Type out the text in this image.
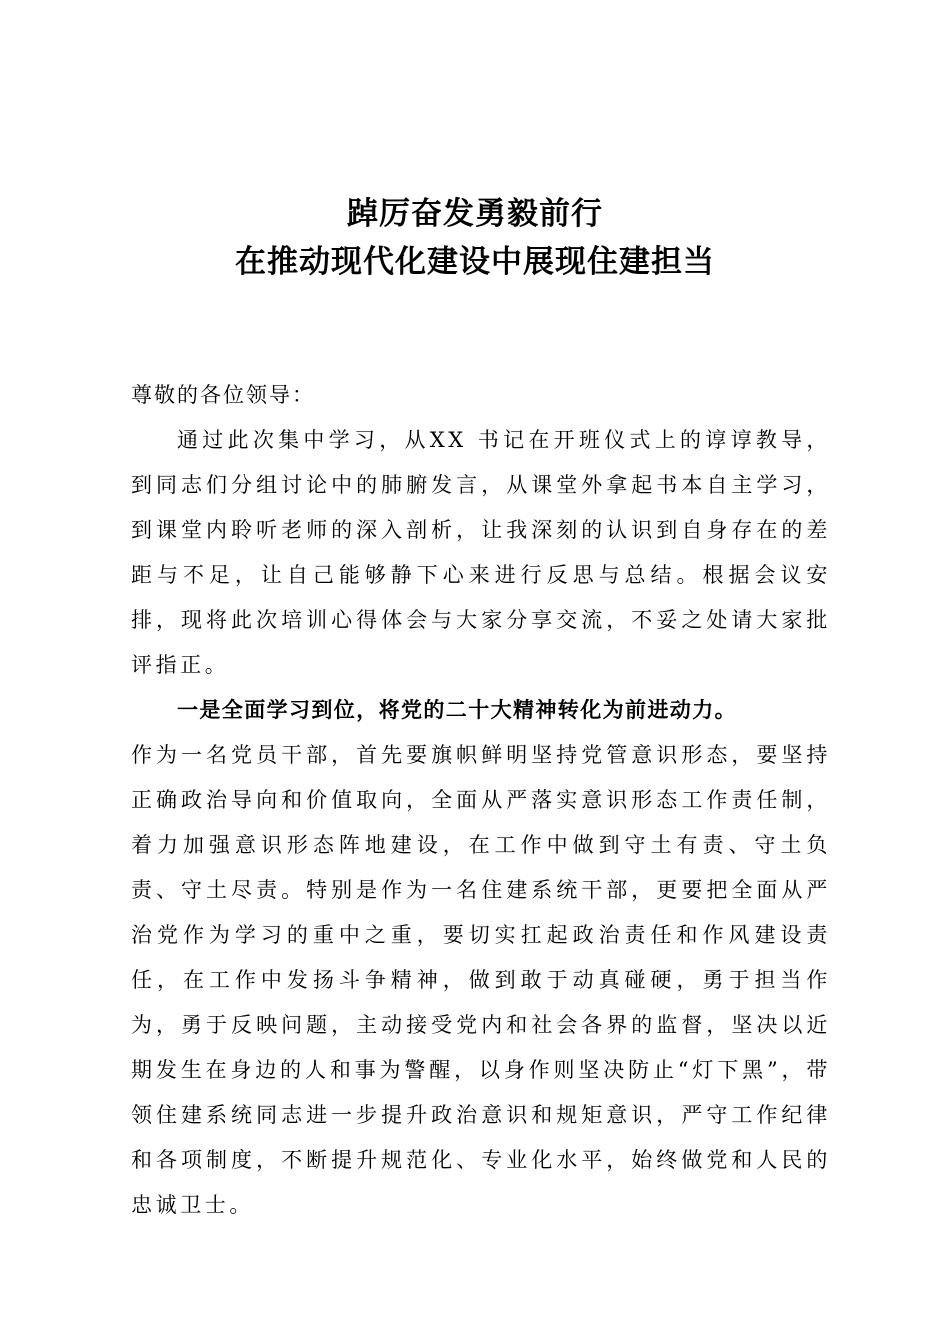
踔厉奋发勇毅前行
在推动现代化建设中展现住建担当

尊敬的各位领导：

通过此次集中学习，从XX 书记在开班仪式上的谆谆教导，到同志们分组讨论中的肺腑发言，从课堂外拿起书本自主学习，到课堂内聆听老师的深入剖析，让我深刻的认识到自身存在的差距与不足，让自己能够静下心来进行反思与总结。根据会议安排，现将此次培训心得体会与大家分享交流，不妥之处请大家批评指正。

一是全面学习到位，将党的二十大精神转化为前进动力。

作为一名党员干部，首先要旗帜鲜明坚持党管意识形态，要坚持正确政治导向和价值取向，全面从严落实意识形态工作责任制，着力加强意识形态阵地建设，在工作中做到守土有责、守土负责、守土尽责。特别是作为一名住建系统干部，更要把全面从严治党作为学习的重中之重，要切实扛起政治责任和作风建设责任，在工作中发扬斗争精神，做到敢于动真碰硬，勇于担当作为，勇于反映问题，主动接受党内和社会各界的监督，坚决以近期发生在身边的人和事为警醒，以身作则坚决防止“灯下黑”，带领住建系统同志进一步提升政治意识和规矩意识，严守工作纪律和各项制度，不断提升规范化、专业化水平，始终做党和人民的忠诚卫士。
